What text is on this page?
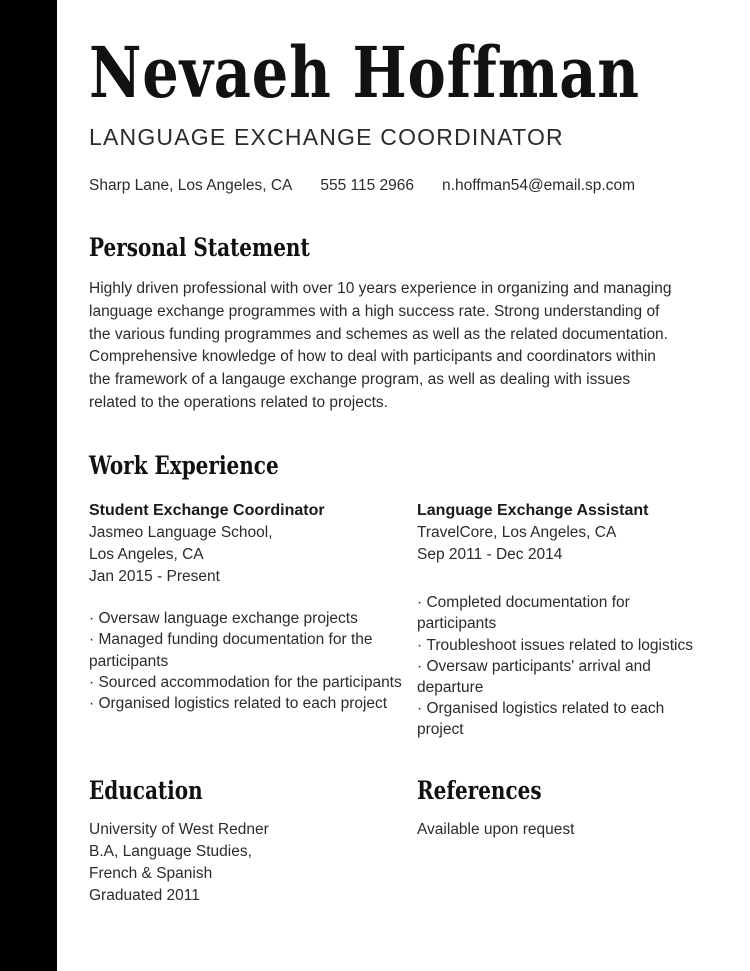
Nevaeh Hoffman
LANGUAGE EXCHANGE COORDINATOR
Sharp Lane, Los Angeles, CA 555 115 2966 n.hoffman54@email.sp.com
Personal Statement

Highly driven professional with over 10 years experience in organizing and managing language exchange programmes with a high success rate. Strong understanding of the various funding programmes and schemes as well as the related documentation. Comprehensive knowledge of how to deal with participants and coordinators within the framework of a langauge exchange program, as well as dealing with issues related to the operations related to projects.

Work Experience
Student Exchange Coordinator
Jasmeo Language School,
Los Angeles, CA
Jan 2015 - Present
· Oversaw language exchange projects
· Managed funding documentation for the participants
· Sourced accommodation for the participants
· Organised logistics related to each project
Language Exchange Assistant
TravelCore, Los Angeles, CA
Sep 2011 - Dec 2014
· Completed documentation for participants
· Troubleshoot issues related to logistics
· Oversaw participants' arrival and departure
· Organised logistics related to each project
Education
University of West Redner
B.A, Language Studies,
French & Spanish
Graduated 2011
References
Available upon request
